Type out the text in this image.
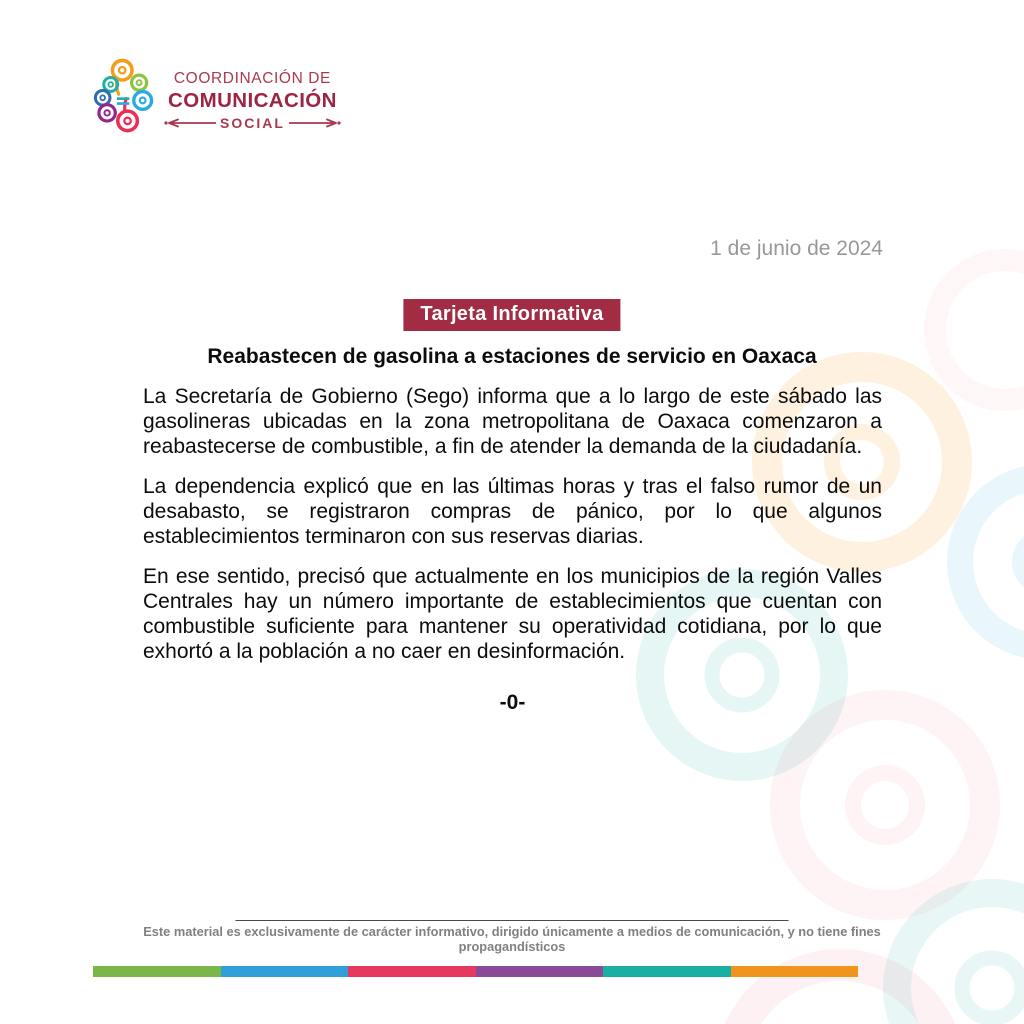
COORDINACIÓN DE
COMUNICACIÓN
SOCIAL
1 de junio de 2024
Tarjeta Informativa
Reabastecen de gasolina a estaciones de servicio en Oaxaca

La Secretaría de Gobierno (Sego) informa que a lo largo de este sábado las gasolineras ubicadas en la zona metropolitana de Oaxaca comenzaron a reabastecerse de combustible, a fin de atender la demanda de la ciudadanía.

La dependencia explicó que en las últimas horas y tras el falso rumor de un desabasto, se registraron compras de pánico, por lo que algunos establecimientos terminaron con sus reservas diarias.

En ese sentido, precisó que actualmente en los municipios de la región Valles Centrales hay un número importante de establecimientos que cuentan con combustible suficiente para mantener su operatividad cotidiana, por lo que exhortó a la población a no caer en desinformación.

-0-
Este material es exclusivamente de carácter informativo, dirigido únicamente a medios de comunicación, y no tiene fines propagandísticos
